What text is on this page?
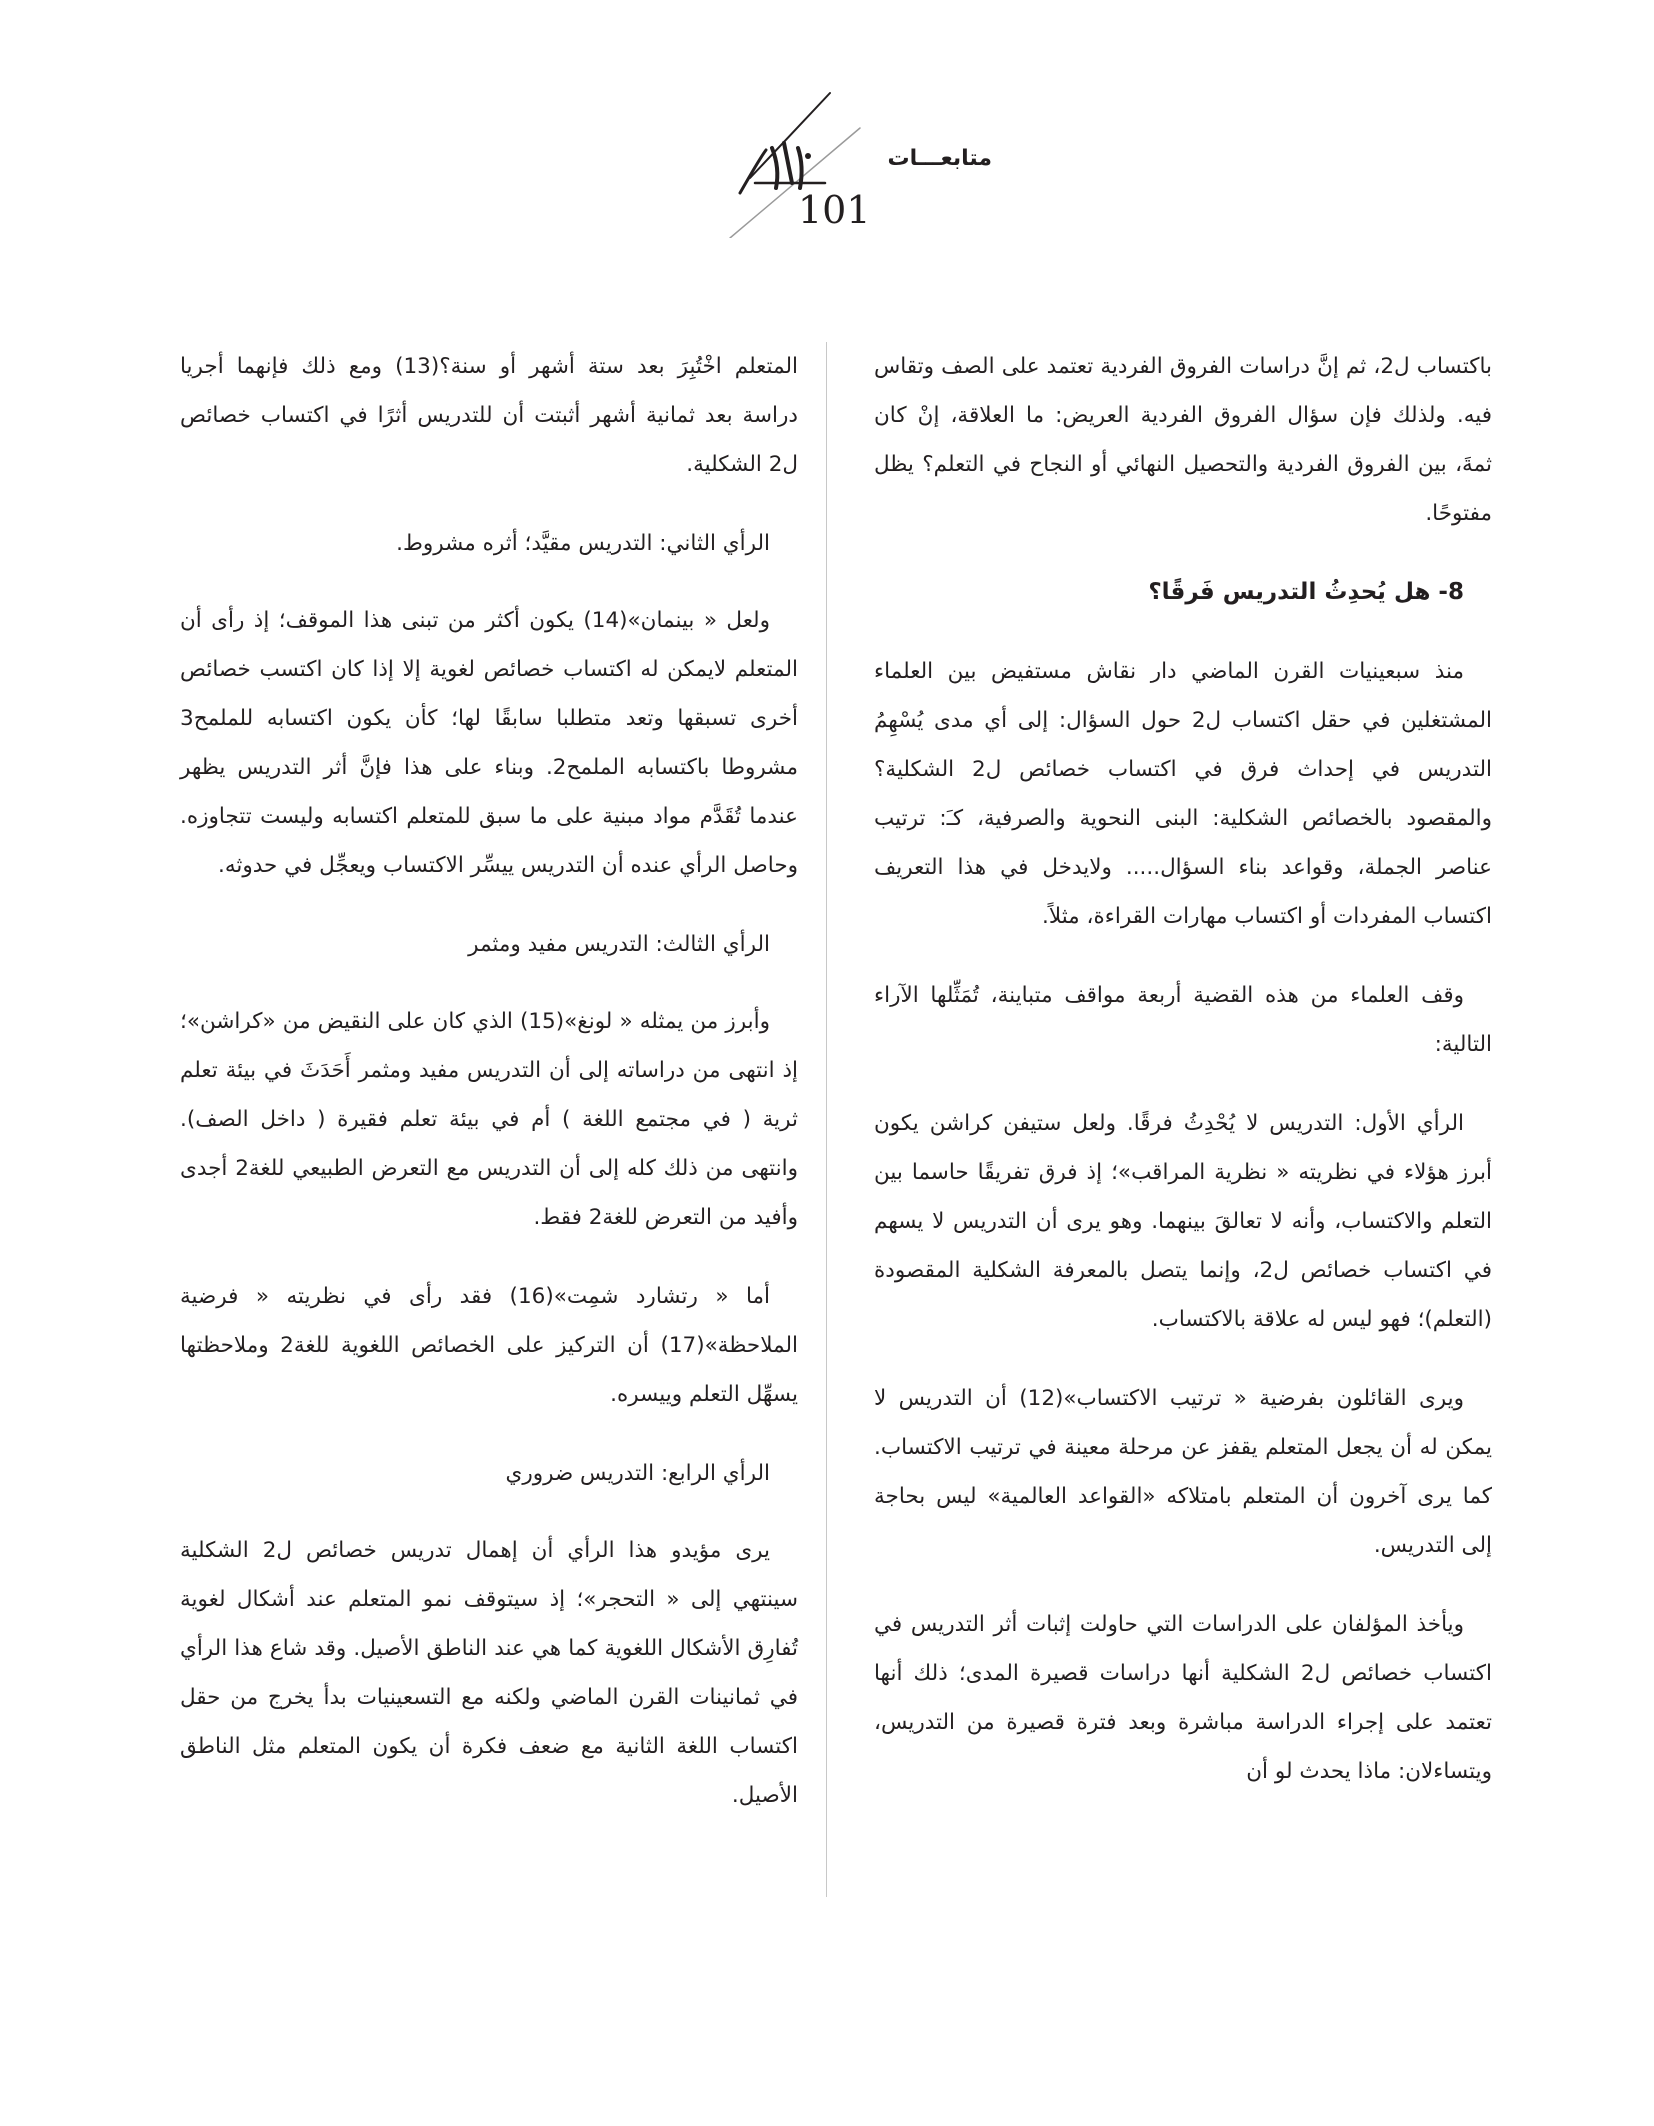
متابعـــات
101

باكتساب ل2، ثم إنَّ دراسات الفروق الفردية تعتمد على الصف وتقاس فيه. ولذلك فإن سؤال الفروق الفردية العريض: ما العلاقة، إنْ كان ثمةَ، بين الفروق الفردية والتحصيل النهائي أو النجاح في التعلم؟ يظل مفتوحًا.

8- هل يُحدِثُ التدريس فَرقًا؟

منذ سبعينيات القرن الماضي دار نقاش مستفيض بين العلماء المشتغلين في حقل اكتساب ل2 حول السؤال: إلى أي مدى يُسْهِمُ التدريس في إحداث فرق في اكتساب خصائص ل2 الشكلية؟ والمقصود بالخصائص الشكلية: البنى النحوية والصرفية، كـَ: ترتيب عناصر الجملة، وقواعد بناء السؤال..... ولايدخل في هذا التعريف اكتساب المفردات أو اكتساب مهارات القراءة، مثلاً.

وقف العلماء من هذه القضية أربعة مواقف متباينة، تُمَثِّلها الآراء التالية:

الرأي الأول: التدريس لا يُحْدِثُ فرقًا. ولعل ستيفن كراشن يكون أبرز هؤلاء في نظريته « نظرية المراقب»؛ إذ فرق تفريقًا حاسما بين التعلم والاكتساب، وأنه لا تعالقَ بينهما. وهو يرى أن التدريس لا يسهم في اكتساب خصائص ل2، وإنما يتصل بالمعرفة الشكلية المقصودة (التعلم)؛ فهو ليس له علاقة بالاكتساب.

ويرى القائلون بفرضية « ترتيب الاكتساب»(12) أن التدريس لا يمكن له أن يجعل المتعلم يقفز عن مرحلة معينة في ترتيب الاكتساب. كما يرى آخرون أن المتعلم بامتلاكه «القواعد العالمية» ليس بحاجة إلى التدريس.

ويأخذ المؤلفان على الدراسات التي حاولت إثبات أثر التدريس في اكتساب خصائص ل2 الشكلية أنها دراسات قصيرة المدى؛ ذلك أنها تعتمد على إجراء الدراسة مباشرة وبعد فترة قصيرة من التدريس، ويتساءلان: ماذا يحدث لو أن

المتعلم اخْتُبِرَ بعد ستة أشهر أو سنة؟(13) ومع ذلك فإنهما أجريا دراسة بعد ثمانية أشهر أثبتت أن للتدريس أثرًا في اكتساب خصائص ل2 الشكلية.

الرأي الثاني: التدريس مقيَّد؛ أثره مشروط.

ولعل « بينمان»(14) يكون أكثر من تبنى هذا الموقف؛ إذ رأى أن المتعلم لايمكن له اكتساب خصائص لغوية إلا إذا كان اكتسب خصائص أخرى تسبقها وتعد متطلبا سابقًا لها؛ كأن يكون اكتسابه للملمح3 مشروطا باكتسابه الملمح2. وبناء على هذا فإنَّ أثر التدريس يظهر عندما تُقَدَّم مواد مبنية على ما سبق للمتعلم اكتسابه وليست تتجاوزه. وحاصل الرأي عنده أن التدريس ييسِّر الاكتساب ويعجِّل في حدوثه.

الرأي الثالث: التدريس مفيد ومثمر

وأبرز من يمثله « لونغ»(15) الذي كان على النقيض من «كراشن»؛ إذ انتهى من دراساته إلى أن التدريس مفيد ومثمر أَحَدَثَ في بيئة تعلم ثرية ( في مجتمع اللغة ) أم في بيئة تعلم فقيرة ( داخل الصف). وانتهى من ذلك كله إلى أن التدريس مع التعرض الطبيعي للغة2 أجدى وأفيد من التعرض للغة2 فقط.

أما « رتشارد شمِت»(16) فقد رأى في نظريته « فرضية الملاحظة»(17) أن التركيز على الخصائص اللغوية للغة2 وملاحظتها يسهِّل التعلم وييسره.

الرأي الرابع: التدريس ضروري

يرى مؤيدو هذا الرأي أن إهمال تدريس خصائص ل2 الشكلية سينتهي إلى « التحجر»؛ إذ سيتوقف نمو المتعلم عند أشكال لغوية تُفارِق الأشكال اللغوية كما هي عند الناطق الأصيل. وقد شاع هذا الرأي في ثمانينات القرن الماضي ولكنه مع التسعينيات بدأ يخرج من حقل اكتساب اللغة الثانية مع ضعف فكرة أن يكون المتعلم مثل الناطق الأصيل.
